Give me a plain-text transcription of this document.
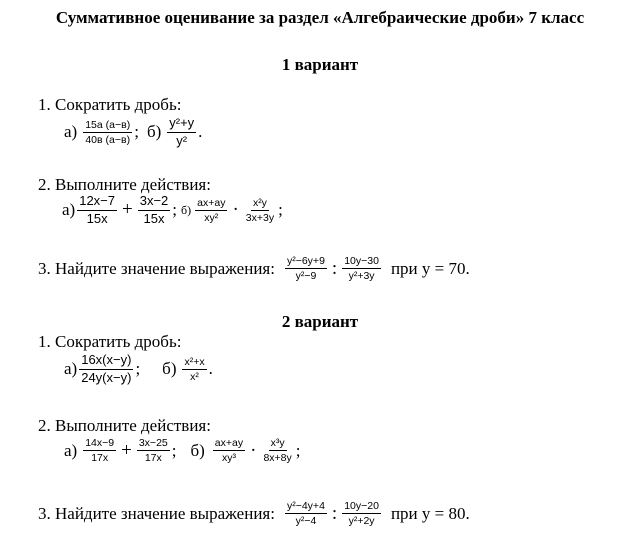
Суммативное оценивание за раздел «Алгебраические дроби» 7 класс
1 вариант
1. Сократить дробь:
$а) \frac{15a (a-в)}{40в (a-в)}$ ; $б) \frac{\text{y²+y}}{\text{y²}}$ .
2. Выполните действия:
$а) \frac{12x-7}{15x} + \frac{3x-2}{15x}$ ; $б) \frac{ax+ay}{\text{xy²}} \cdot \frac{\text{x²y}}{3x+3y}$ ;
3. Найдите значение выражения: $\frac{\text{y²−6y+9}}{\text{y²−9}}$ : $\frac{10y-30}{\text{y²+3y}}$ при y = 70.
2 вариант
1. Сократить дробь:
$а) \frac{16x(x-y)}{24y(x-y)}$ ; $б) \frac{\text{x²+x}}{\text{x²}}$ .
2. Выполните действия:
$а) \frac{14x-9}{17x} + \frac{3x-25}{17x}$ ; $б) \frac{ax+ay}{\text{xy³}} \cdot \frac{\text{x³y}}{8x+8y}$ ;
3. Найдите значение выражения: $\frac{\text{y²−4y+4}}{\text{y²−4}}$ : $\frac{10y-20}{\text{y²+2y}}$ при y = 80.
